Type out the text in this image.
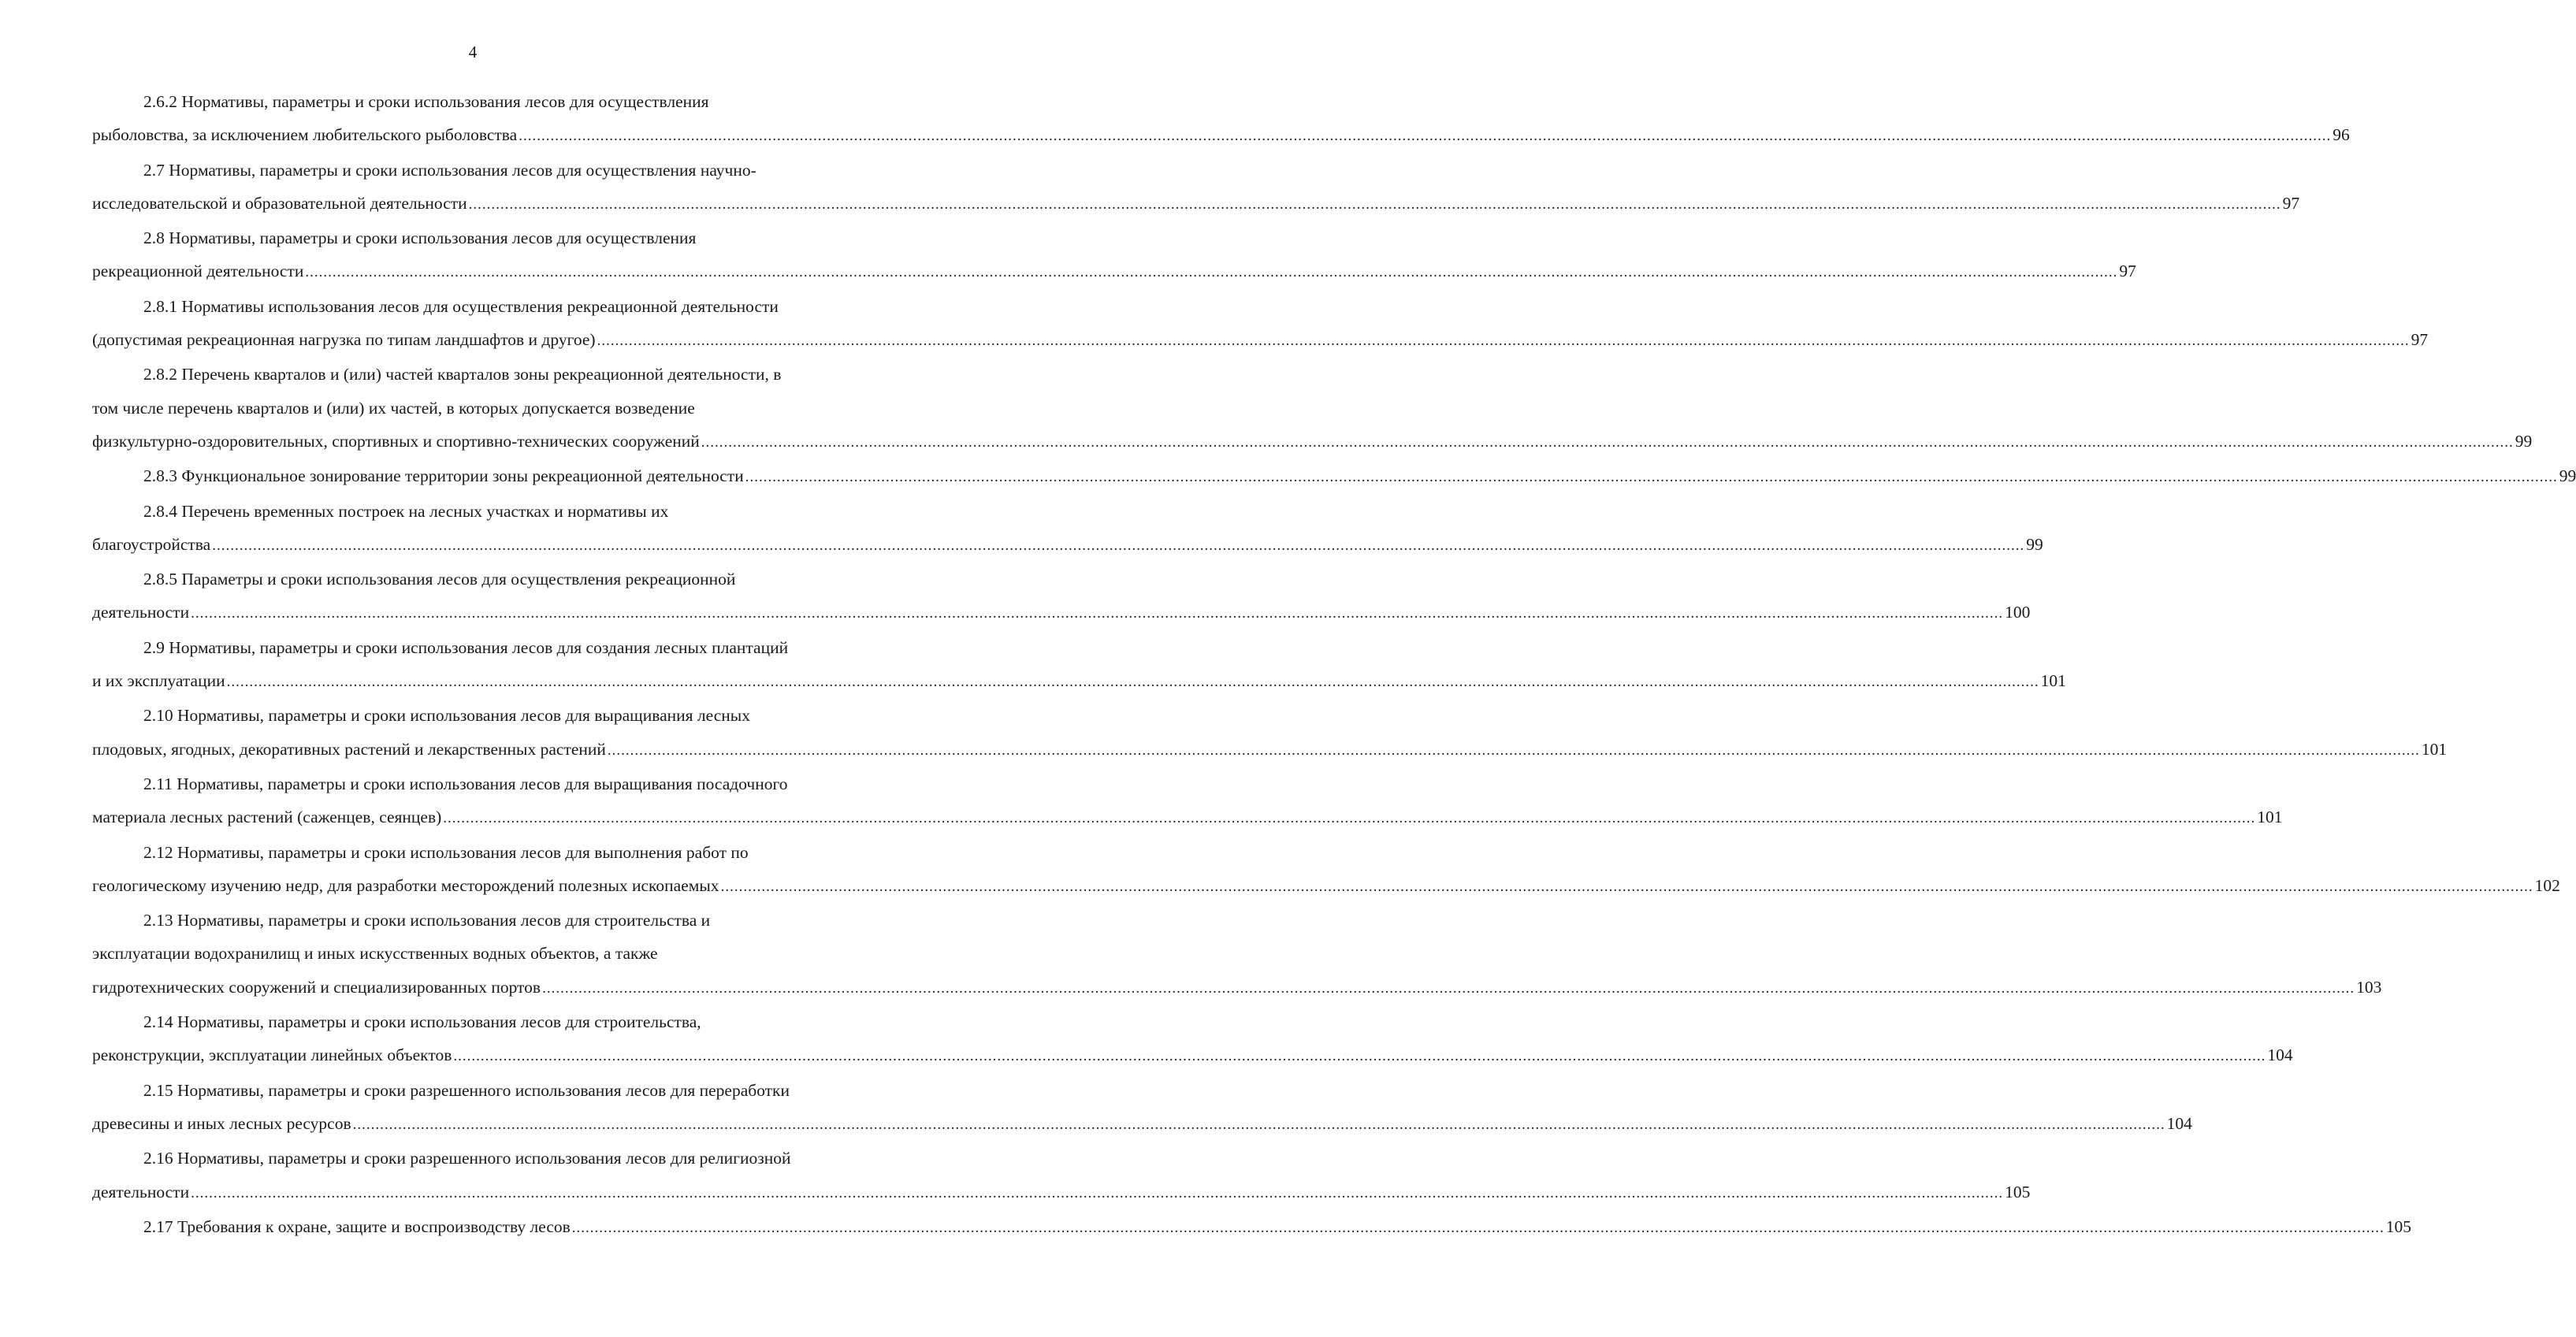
4
2.6.2 Нормативы, параметры и сроки использования лесов для осуществления
рыболовства, за исключением любительского рыболовства ................................................................................................................................................................................................................................................................................................................................................................................................................ 96
2.7 Нормативы, параметры и сроки использования лесов для осуществления научно-
исследовательской и образовательной деятельности ................................................................................................................................................................................................................................................................................................................................................................................................................ 97
2.8 Нормативы, параметры и сроки использования лесов для осуществления
рекреационной деятельности ................................................................................................................................................................................................................................................................................................................................................................................................................ 97
2.8.1 Нормативы использования лесов для осуществления рекреационной деятельности
(допустимая рекреационная нагрузка по типам ландшафтов и другое) ................................................................................................................................................................................................................................................................................................................................................................................................................ 97
2.8.2 Перечень кварталов и (или) частей кварталов зоны рекреационной деятельности, в
том числе перечень кварталов и (или) их частей, в которых допускается возведение
физкультурно-оздоровительных, спортивных и спортивно-технических сооружений ................................................................................................................................................................................................................................................................................................................................................................................................................ 99
2.8.3 Функциональное зонирование территории зоны рекреационной деятельности ................................................................................................................................................................................................................................................................................................................................................................................................................ 99
2.8.4 Перечень временных построек на лесных участках и нормативы их
благоустройства ................................................................................................................................................................................................................................................................................................................................................................................................................ 99
2.8.5 Параметры и сроки использования лесов для осуществления рекреационной
деятельности ................................................................................................................................................................................................................................................................................................................................................................................................................ 100
2.9 Нормативы, параметры и сроки использования лесов для создания лесных плантаций
и их эксплуатации ................................................................................................................................................................................................................................................................................................................................................................................................................ 101
2.10 Нормативы, параметры и сроки использования лесов для выращивания лесных
плодовых, ягодных, декоративных растений и лекарственных растений ................................................................................................................................................................................................................................................................................................................................................................................................................ 101
2.11 Нормативы, параметры и сроки использования лесов для выращивания посадочного
материала лесных растений (саженцев, сеянцев) ................................................................................................................................................................................................................................................................................................................................................................................................................ 101
2.12 Нормативы, параметры и сроки использования лесов для выполнения работ по
геологическому изучению недр, для разработки месторождений полезных ископаемых ................................................................................................................................................................................................................................................................................................................................................................................................................ 102
2.13 Нормативы, параметры и сроки использования лесов для строительства и
эксплуатации водохранилищ и иных искусственных водных объектов, а также
гидротехнических сооружений и специализированных портов ................................................................................................................................................................................................................................................................................................................................................................................................................ 103
2.14 Нормативы, параметры и сроки использования лесов для строительства,
реконструкции, эксплуатации линейных объектов ................................................................................................................................................................................................................................................................................................................................................................................................................ 104
2.15 Нормативы, параметры и сроки разрешенного использования лесов для переработки
древесины и иных лесных ресурсов ................................................................................................................................................................................................................................................................................................................................................................................................................ 104
2.16 Нормативы, параметры и сроки разрешенного использования лесов для религиозной
деятельности ................................................................................................................................................................................................................................................................................................................................................................................................................ 105
2.17 Требования к охране, защите и воспроизводству лесов ................................................................................................................................................................................................................................................................................................................................................................................................................ 105
